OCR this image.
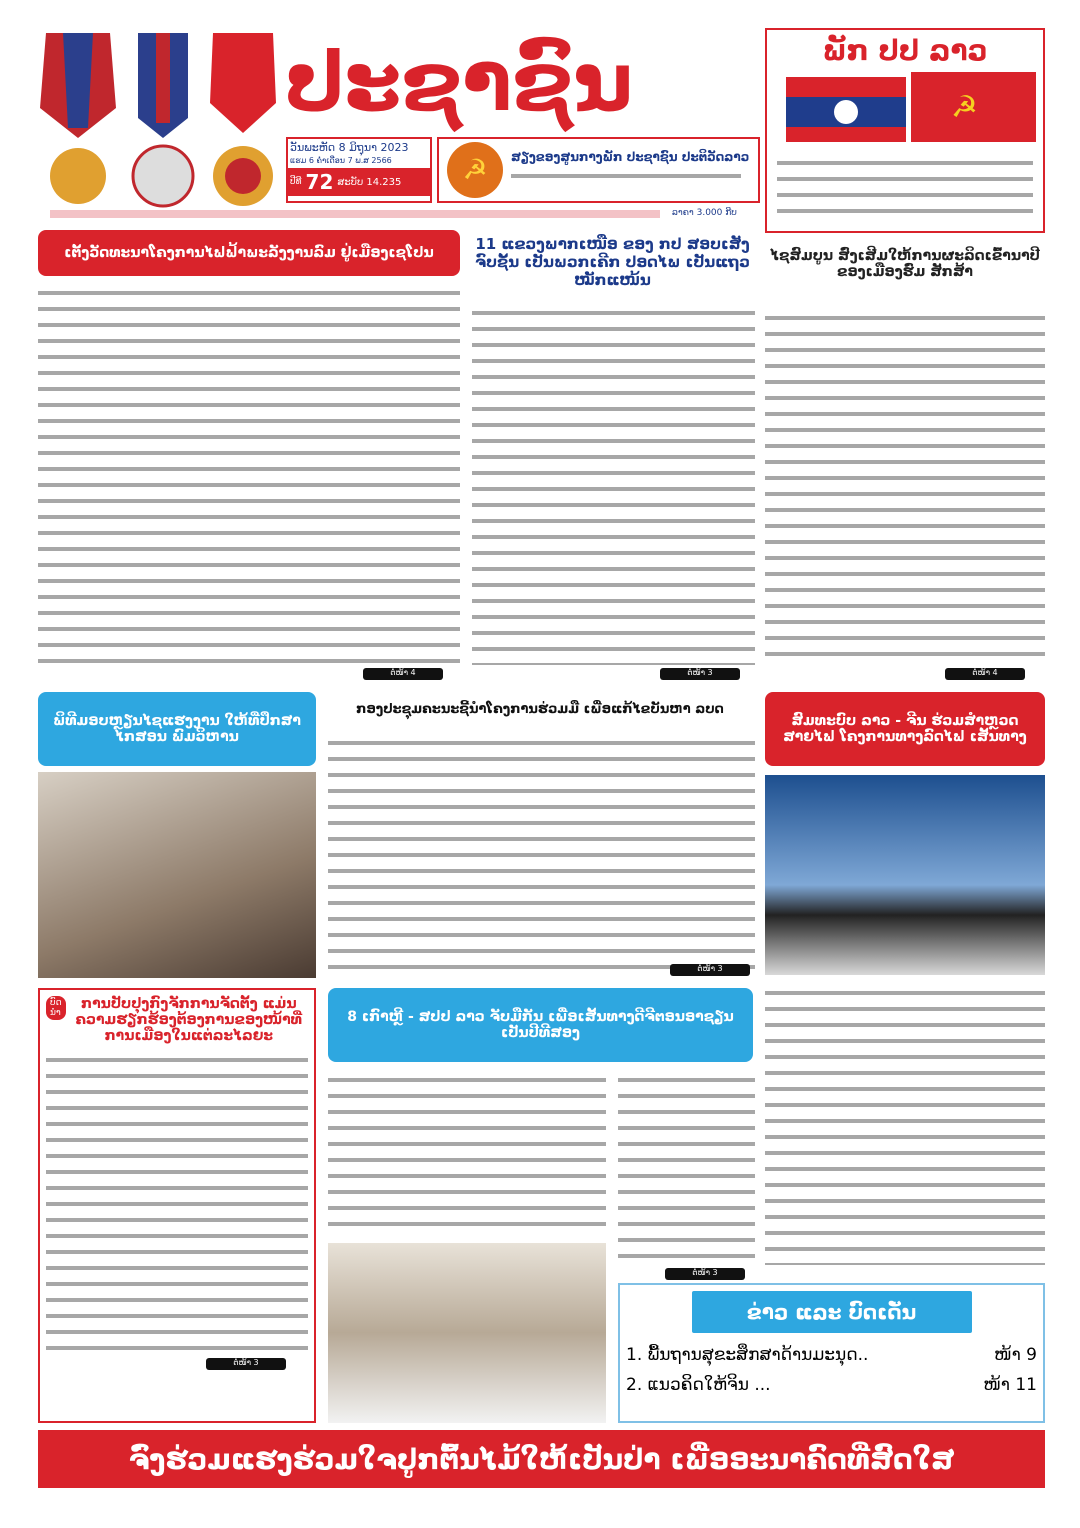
ປະຊາຊົນ	ພັກ ປປ ລາວ
☭
ວັນພະຫັດ 8 ມິຖຸນາ 2023
ແຮມ 6 ຄ່ຳເດືອນ 7 ພ.ສ 2566
ປີທີ 72 ສະບັບ 14.235	☭	ສຽງຂອງສູນກາງພັກ ປະຊາຊົນ ປະຕິວັດລາວ
ລາຄາ 3.000 ກີບ
ເຕັ້ງວັດທະນາໂຄງການໄຟຟ້າພະລັງງານລົມ ຢູ່ເມືອງເຊໂປນ
ຕໍ່ໜ້າ 4
11 ແຂວງພາກເໜືອ ຂອງ ກປ ສອບເສັງ ຈົບຊັ້ນ ເປັນພວກເຄີກ ປອດໄພ ເປັນແຖວ ໝັກແໜ້ນ
ຕໍ່ໜ້າ 3
ໄຊສົມບູນ ສົ່ງເສີມໃຫ້ການຜະລິດເຂົ້ານາປີ ຂອງເມືອງຮົ່ມ ສັກສ້າ
ຕໍ່ໜ້າ 4
ພິທີມອບຫຼຽນໄຊແຮງງານ ໃຫ້ທີ່ປຶກສາ ໄກສອນ ພົມວິຫານ
ກອງປະຊຸມຄະນະຊີ້ນຳໂຄງການຮ່ວມມື ເພື່ອແກ້ໄຂບັນຫາ ລບດ
ຕໍ່ໜ້າ 3
ສົມທະບົບ ລາວ - ຈີນ ຮ່ວມສຳຫຼວດສາຍໄຟ ໂຄງການທາງລົດໄຟ ເສັ້ນທາງ
ບົດນຳ
ການປັບປຸງກົງຈັກການຈັດຕັ້ງ ແມ່ນຄວາມຮຽກຮ້ອງຕ້ອງການຂອງໜ້າທີ່ ການເມືອງໃນແຕ່ລະໄລຍະ
ຕໍ່ໜ້າ 3
8 ເກົາຫຼີ - ສປປ ລາວ ຈັບມືກັນ ເພື່ອເສັ້ນທາງດີຈີຕອນອາຊຽນ ເປັນປີທີສອງ
ຕໍ່ໜ້າ 3
ຂ່າວ ແລະ ບົດເດັ່ນ
1. ພື້ນຖານສຸຂະສຶກສາດ້ານມະນຸດ..	ໜ້າ 9
2. ແນວຄິດໃຫ້ຈິນ ...	ໜ້າ 11
ຈົ່ງຮ່ວມແຮງຮ່ວມໃຈປູກຕົ້ນໄມ້ໃຫ້ເປັນປ່າ ເພື່ອອະນາຄົດທີ່ສົດໃສ
